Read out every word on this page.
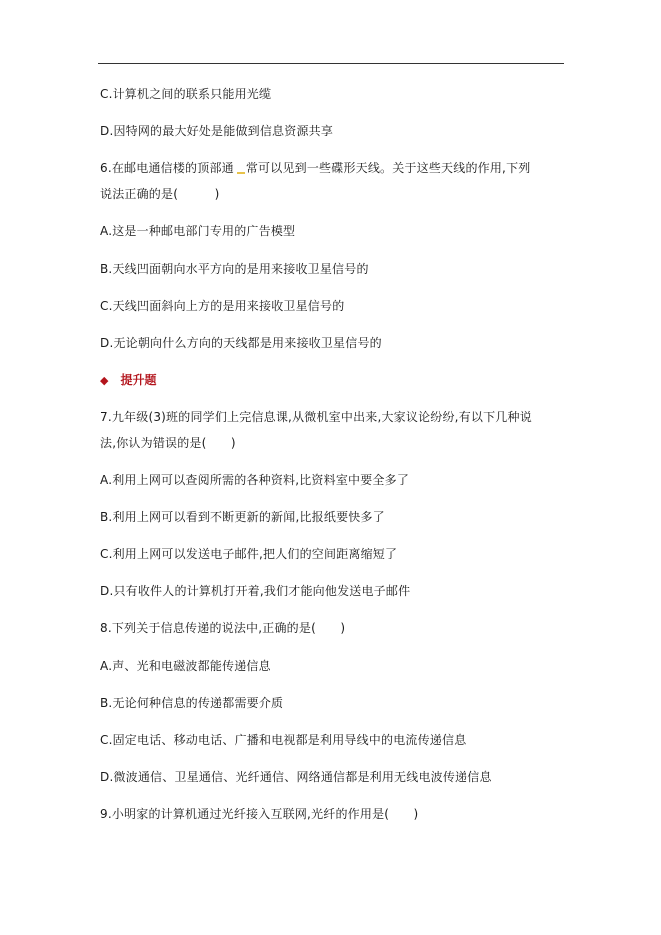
C.计算机之间的联系只能用光缆
D.因特网的最大好处是能做到信息资源共享
6.在邮电通信楼的顶部通 常可以见到一些碟形天线。关于这些天线的作用,下列
说法正确的是(　　　)
A.这是一种邮电部门专用的广告模型
B.天线凹面朝向水平方向的是用来接收卫星信号的
C.天线凹面斜向上方的是用来接收卫星信号的
D.无论朝向什么方向的天线都是用来接收卫星信号的
◆ 提升题
7.九年级(3)班的同学们上完信息课,从微机室中出来,大家议论纷纷,有以下几种说
法,你认为错误的是(　　)
A.利用上网可以查阅所需的各种资料,比资料室中要全多了
B.利用上网可以看到不断更新的新闻,比报纸要快多了
C.利用上网可以发送电子邮件,把人们的空间距离缩短了
D.只有收件人的计算机打开着,我们才能向他发送电子邮件
8.下列关于信息传递的说法中,正确的是(　　)
A.声、光和电磁波都能传递信息
B.无论何种信息的传递都需要介质
C.固定电话、移动电话、广播和电视都是利用导线中的电流传递信息
D.微波通信、卫星通信、光纤通信、网络通信都是利用无线电波传递信息
9.小明家的计算机通过光纤接入互联网,光纤的作用是(　　)
